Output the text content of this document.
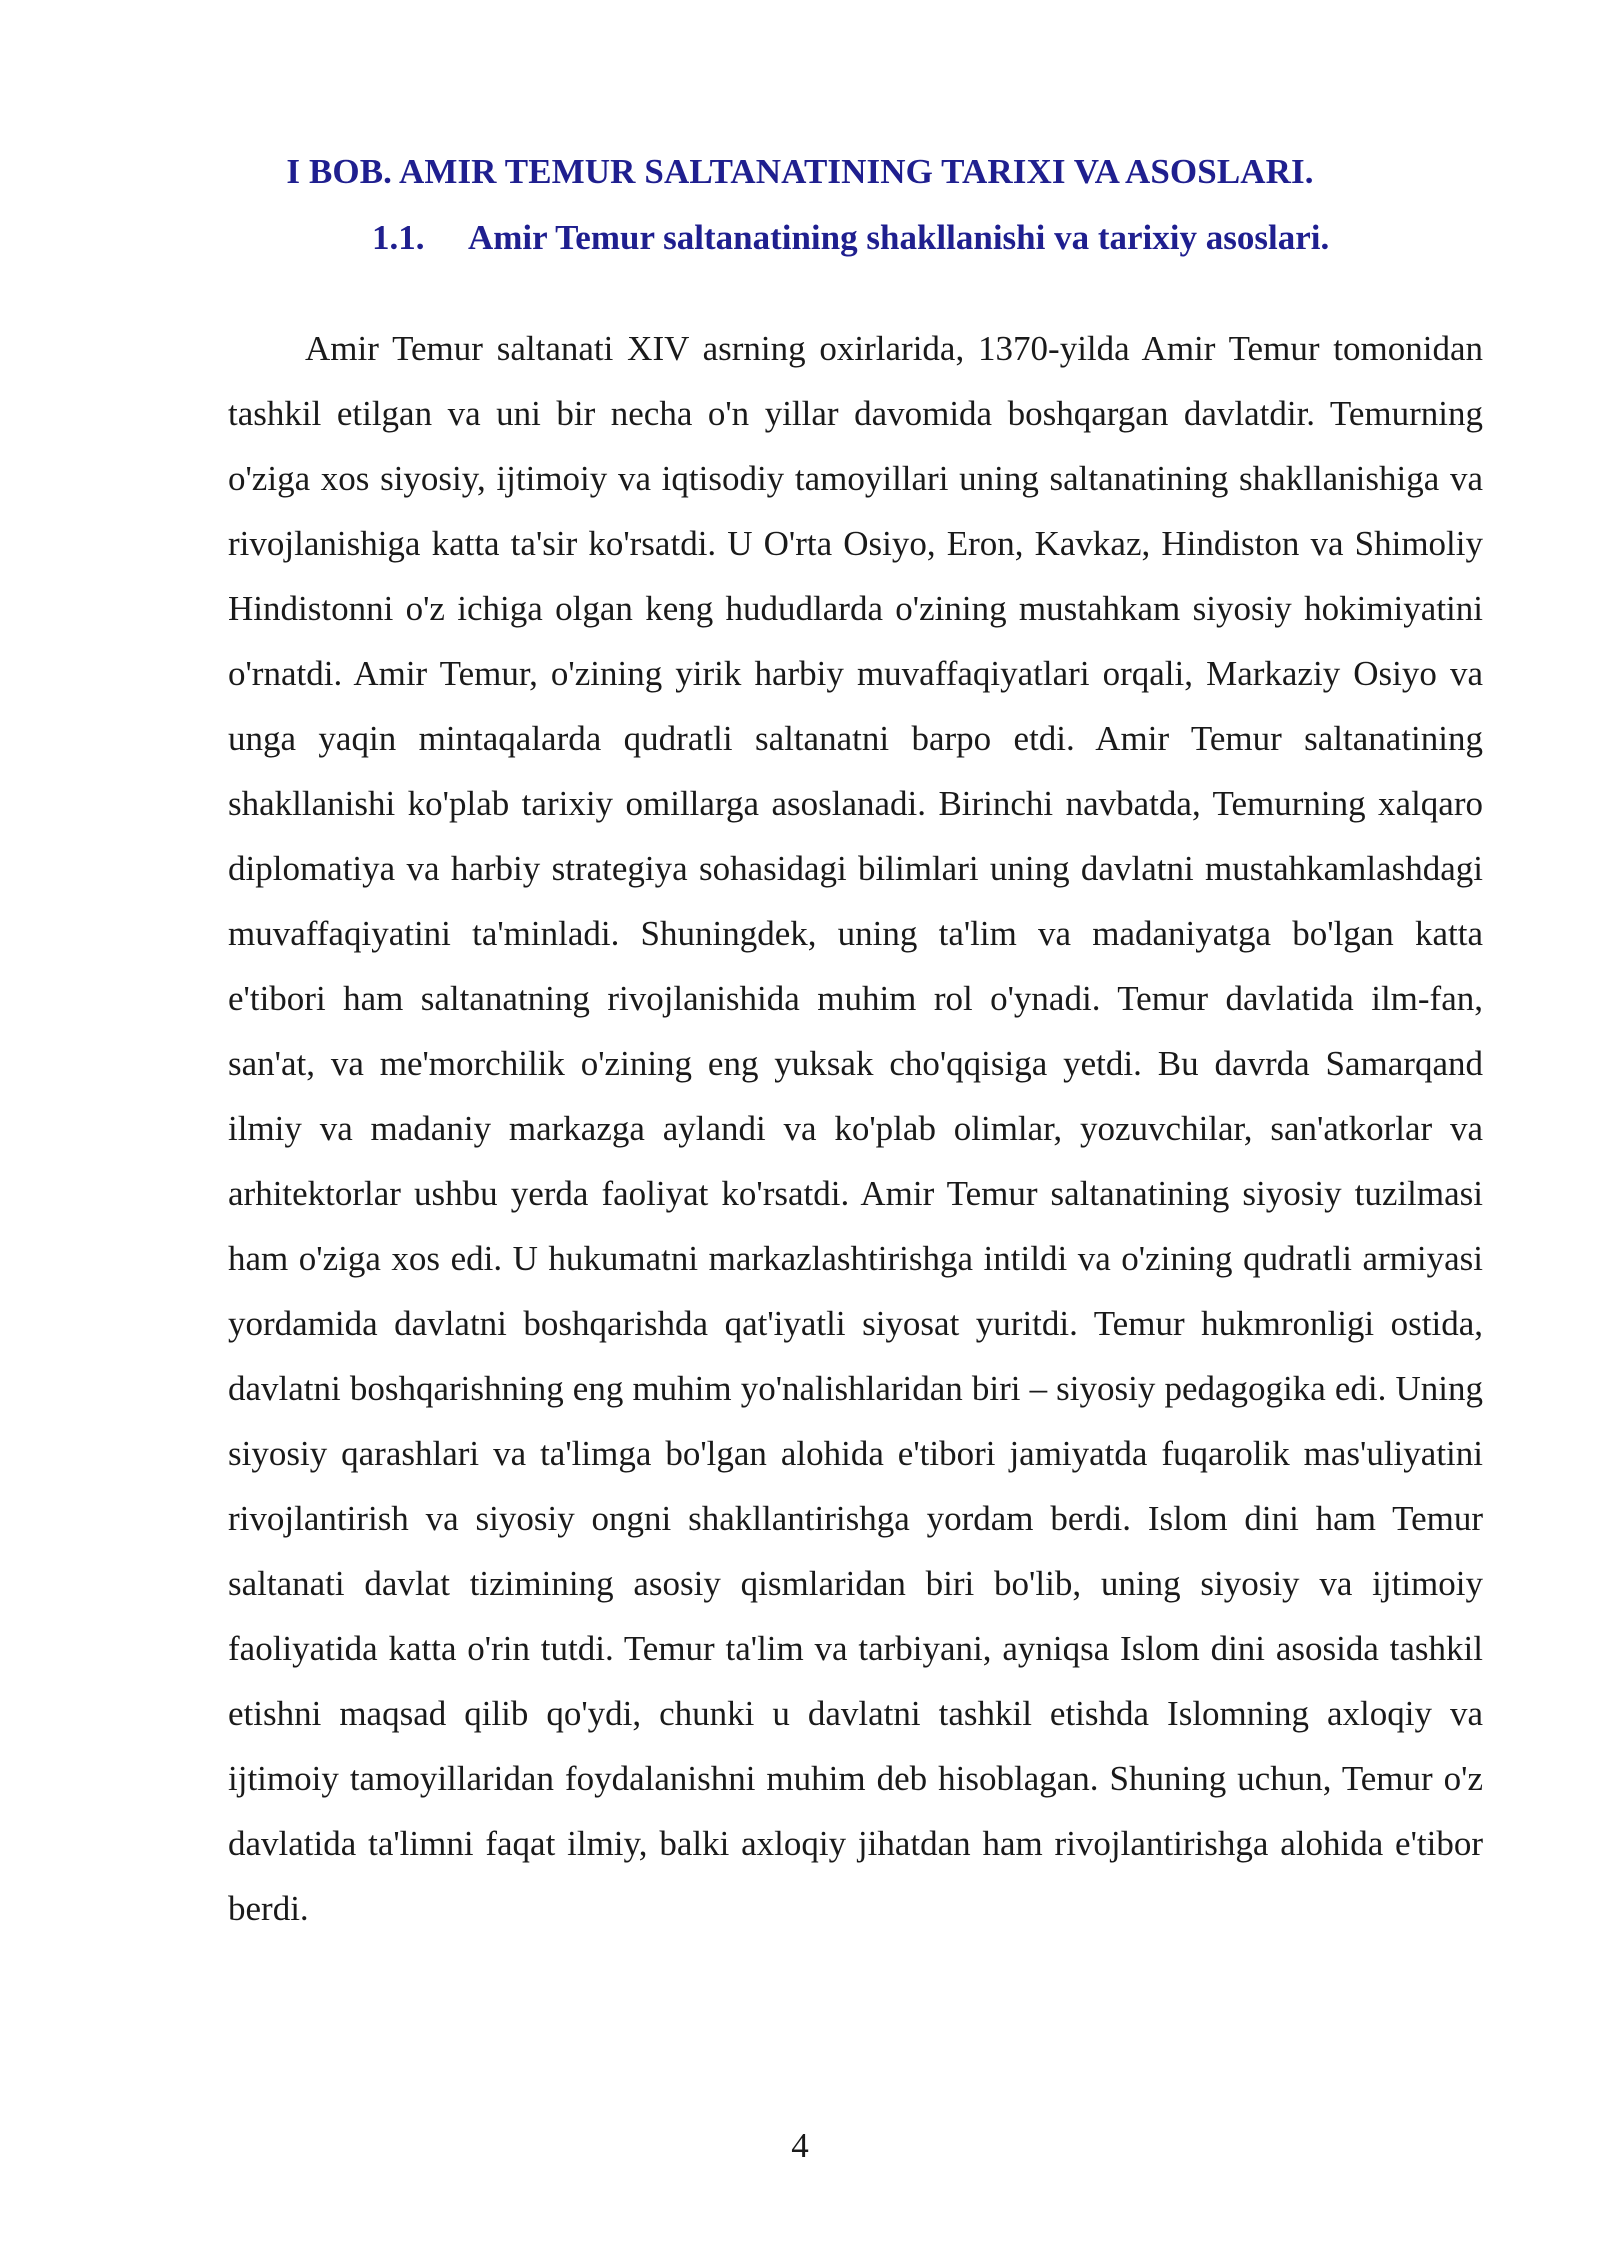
I BOB. AMIR TEMUR SALTANATINING TARIXI VA ASOSLARI.
1.1. Amir Temur saltanatining shakllanishi va tarixiy asoslari.

Amir Temur saltanati XIV asrning oxirlarida, 1370-yilda Amir Temur tomonidan tashkil etilgan va uni bir necha o'n yillar davomida boshqargan davlatdir. Temurning o'ziga xos siyosiy, ijtimoiy va iqtisodiy tamoyillari uning saltanatining shakllanishiga va rivojlanishiga katta ta'sir ko'rsatdi. U O'rta Osiyo, Eron, Kavkaz, Hindiston va Shimoliy Hindistonni o'z ichiga olgan keng hududlarda o'zining mustahkam siyosiy hokimiyatini o'rnatdi. Amir Temur, o'zining yirik harbiy muvaffaqiyatlari orqali, Markaziy Osiyo va unga yaqin mintaqalarda qudratli saltanatni barpo etdi. Amir Temur saltanatining shakllanishi ko'plab tarixiy omillarga asoslanadi. Birinchi navbatda, Temurning xalqaro diplomatiya va harbiy strategiya sohasidagi bilimlari uning davlatni mustahkamlashdagi muvaffaqiyatini ta'minladi. Shuningdek, uning ta'lim va madaniyatga bo'lgan katta e'tibori ham saltanatning rivojlanishida muhim rol o'ynadi. Temur davlatida ilm-fan, san'at, va me'morchilik o'zining eng yuksak cho'qqisiga yetdi. Bu davrda Samarqand ilmiy va madaniy markazga aylandi va ko'plab olimlar, yozuvchilar, san'atkorlar va arhitektorlar ushbu yerda faoliyat ko'rsatdi. Amir Temur saltanatining siyosiy tuzilmasi ham o'ziga xos edi. U hukumatni markazlashtirishga intildi va o'zining qudratli armiyasi yordamida davlatni boshqarishda qat'iyatli siyosat yuritdi. Temur hukmronligi ostida, davlatni boshqarishning eng muhim yo'nalishlaridan biri – siyosiy pedagogika edi. Uning siyosiy qarashlari va ta'limga bo'lgan alohida e'tibori jamiyatda fuqarolik mas'uliyatini rivojlantirish va siyosiy ongni shakllantirishga yordam berdi. Islom dini ham Temur saltanati davlat tizimining asosiy qismlaridan biri bo'lib, uning siyosiy va ijtimoiy faoliyatida katta o'rin tutdi. Temur ta'lim va tarbiyani, ayniqsa Islom dini asosida tashkil etishni maqsad qilib qo'ydi, chunki u davlatni tashkil etishda Islomning axloqiy va ijtimoiy tamoyillaridan foydalanishni muhim deb hisoblagan. Shuning uchun, Temur o'z davlatida ta'limni faqat ilmiy, balki axloqiy jihatdan ham rivojlantirishga alohida e'tibor berdi.

4
